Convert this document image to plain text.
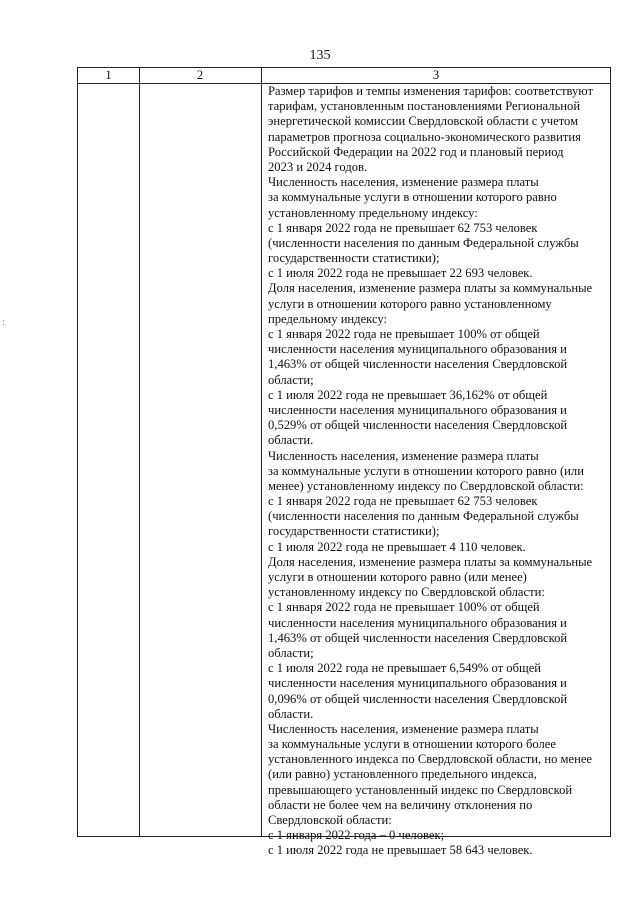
135
:
1	2	3
Размер тарифов и темпы изменения тарифов: соответствуют
тарифам, установленным постановлениями Региональной
энергетической комиссии Свердловской области с учетом
параметров прогноза социально-экономического развития
Российской Федерации на 2022 год и плановый период
2023 и 2024 годов.
Численность населения, изменение размера платы
за коммунальные услуги в отношении которого равно
установленному предельному индексу:
с 1 января 2022 года не превышает 62 753 человек
(численности населения по данным Федеральной службы
государственности статистики);
с 1 июля 2022 года не превышает 22 693 человек.
Доля населения, изменение размера платы за коммунальные
услуги в отношении которого равно установленному
предельному индексу:
с 1 января 2022 года не превышает 100% от общей
численности населения муниципального образования и
1,463% от общей численности населения Свердловской
области;
с 1 июля 2022 года не превышает 36,162% от общей
численности населения муниципального образования и
0,529% от общей численности населения Свердловской
области.
Численность населения, изменение размера платы
за коммунальные услуги в отношении которого равно (или
менее) установленному индексу по Свердловской области:
с 1 января 2022 года не превышает 62 753 человек
(численности населения по данным Федеральной службы
государственности статистики);
с 1 июля 2022 года не превышает 4 110 человек.
Доля населения, изменение размера платы за коммунальные
услуги в отношении которого равно (или менее)
установленному индексу по Свердловской области:
с 1 января 2022 года не превышает 100% от общей
численности населения муниципального образования и
1,463% от общей численности населения Свердловской
области;
с 1 июля 2022 года не превышает 6,549% от общей
численности населения муниципального образования и
0,096% от общей численности населения Свердловской
области.
Численность населения, изменение размера платы
за коммунальные услуги в отношении которого более
установленного индекса по Свердловской области, но менее
(или равно) установленного предельного индекса,
превышающего установленный индекс по Свердловской
области не более чем на величину отклонения по
Свердловской области:
с 1 января 2022 года – 0 человек;
с 1 июля 2022 года не превышает 58 643 человек.
